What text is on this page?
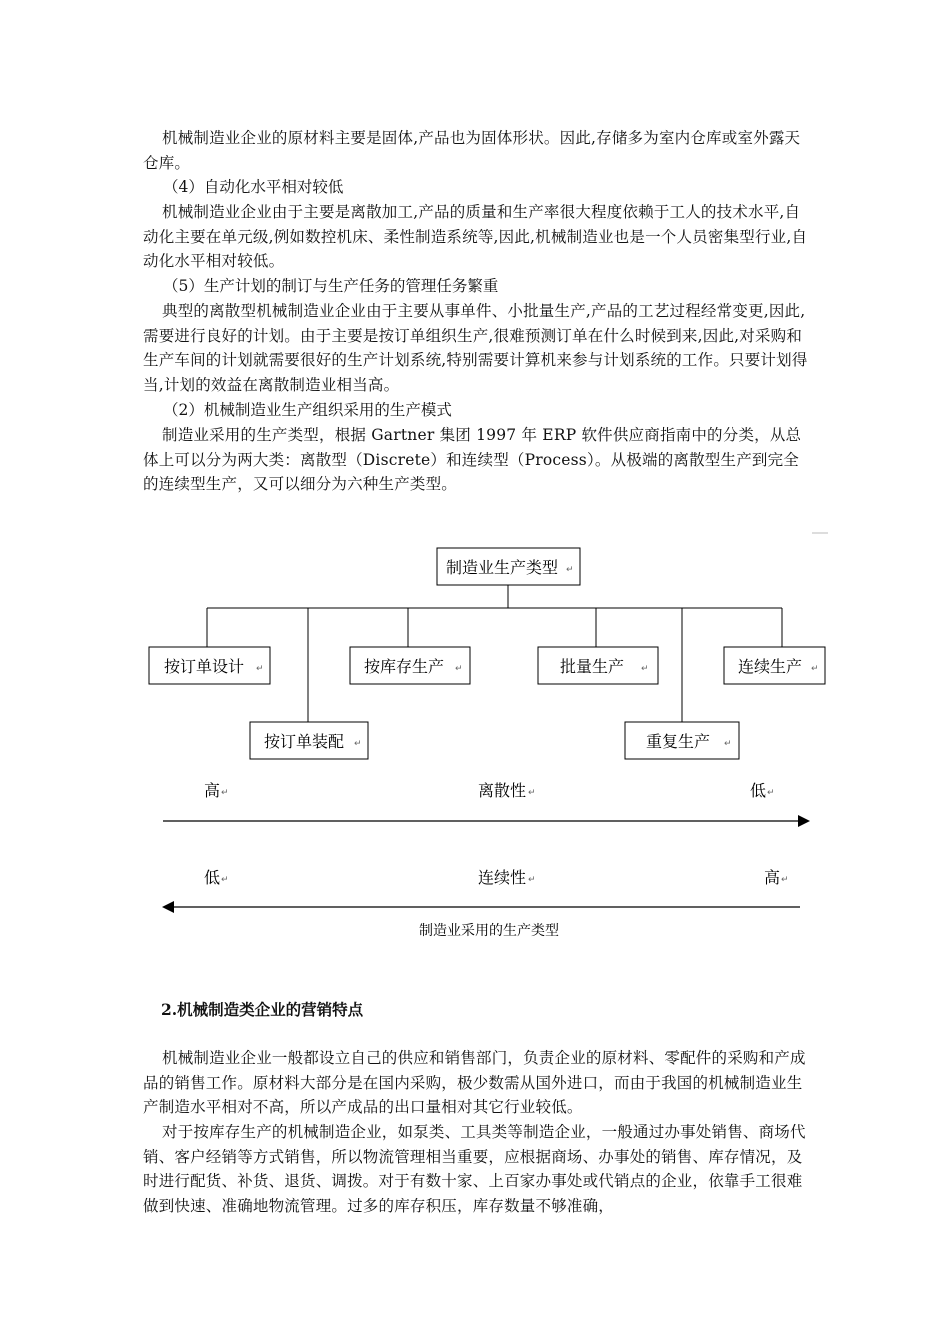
机械制造业企业的原材料主要是固体,产品也为固体形状。因此,存储多为室内仓库或室外露天仓库。

（4）自动化水平相对较低

机械制造业企业由于主要是离散加工,产品的质量和生产率很大程度依赖于工人的技术水平,自动化主要在单元级,例如数控机床、柔性制造系统等,因此,机械制造业也是一个人员密集型行业,自动化水平相对较低。

（5）生产计划的制订与生产任务的管理任务繁重

典型的离散型机械制造业企业由于主要从事单件、小批量生产,产品的工艺过程经常变更,因此,需要进行良好的计划。由于主要是按订单组织生产,很难预测订单在什么时候到来,因此,对采购和生产车间的计划就需要很好的生产计划系统,特别需要计算机来参与计划系统的工作。只要计划得当,计划的效益在离散制造业相当高。

（2）机械制造业生产组织采用的生产模式

制造业采用的生产类型，根据 Gartner 集团 1997 年 ERP 软件供应商指南中的分类，从总体上可以分为两大类：离散型（Discrete）和连续型（Process）。从极端的离散型生产到完全的连续型生产，又可以细分为六种生产类型。

制造业生产类型 ↵
按订单设计 ↵
按订单装配 ↵
按库存生产 ↵	批量生产 ↵
重复生产 ↵
连续生产 ↵
高 ↵	离散性 ↵	低 ↵
低 ↵	连续性 ↵	高 ↵
制造业采用的生产类型

2.机械制造类企业的营销特点

机械制造业企业一般都设立自己的供应和销售部门，负责企业的原材料、零配件的采购和产成品的销售工作。原材料大部分是在国内采购，极少数需从国外进口，而由于我国的机械制造业生产制造水平相对不高，所以产成品的出口量相对其它行业较低。

对于按库存生产的机械制造企业，如泵类、工具类等制造企业，一般通过办事处销售、商场代销、客户经销等方式销售，所以物流管理相当重要，应根据商场、办事处的销售、库存情况，及时进行配货、补货、退货、调拨。对于有数十家、上百家办事处或代销点的企业，依靠手工很难做到快速、准确地物流管理。过多的库存积压，库存数量不够准确，
